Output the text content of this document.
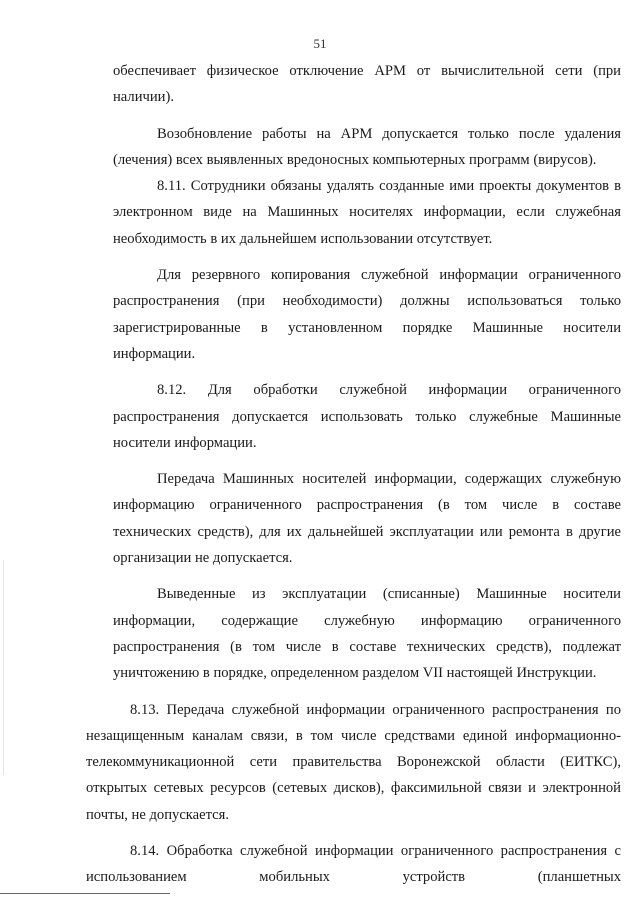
51

обеспечивает физическое отключение АРМ от вычислительной сети (при наличии).

Возобновление работы на АРМ допускается только после удаления (лечения) всех выявленных вредоносных компьютерных программ (вирусов).

8.11. Сотрудники обязаны удалять созданные ими проекты документов в электронном виде на Машинных носителях информации, если служебная необходимость в их дальнейшем использовании отсутствует.

Для резервного копирования служебной информации ограниченного распространения (при необходимости) должны использоваться только зарегистрированные в установленном порядке Машинные носители информации.

8.12. Для обработки служебной информации ограниченного распространения допускается использовать только служебные Машинные носители информации.

Передача Машинных носителей информации, содержащих служебную информацию ограниченного распространения (в том числе в составе технических средств), для их дальнейшей эксплуатации или ремонта в другие организации не допускается.

Выведенные из эксплуатации (списанные) Машинные носители информации, содержащие служебную информацию ограниченного распространения (в том числе в составе технических средств), подлежат уничтожению в порядке, определенном разделом VII настоящей Инструкции.

8.13. Передача служебной информации ограниченного распространения по незащищенным каналам связи, в том числе средствами единой информационно-телекоммуникационной сети правительства Воронежской области (ЕИТКС), открытых сетевых ресурсов (сетевых дисков), факсимильной связи и электронной почты, не допускается.

8.14. Обработка служебной информации ограниченного распространения с использованием мобильных устройств (планшетных
